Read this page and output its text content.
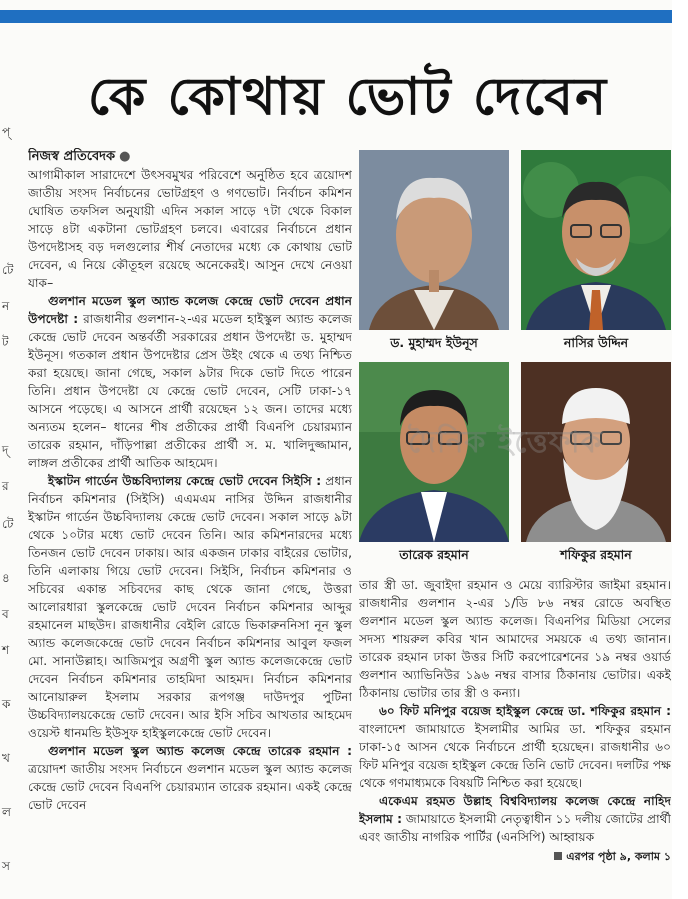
প্
টে
ন
ট
দ্
র
টে
৪
ব
শ
ক
খ
ল
স
কে কোথায় ভোট দেবেন
নিজস্ব প্রতিবেদক ●

আগামীকাল সারাদেশে উৎসবমুখর পরিবেশে অনুষ্ঠিত হবে ত্রয়োদশ জাতীয় সংসদ নির্বাচনের ভোটগ্রহণ ও গণভোট। নির্বাচন কমিশন ঘোষিত তফসিল অনুযায়ী এদিন সকাল সাড়ে ৭টা থেকে বিকাল সাড়ে ৪টা একটানা ভোটগ্রহণ চলবে। এবারের নির্বাচনে প্রধান উপদেষ্টাসহ বড় দলগুলোর শীর্ষ নেতাদের মধ্যে কে কোথায় ভোট দেবেন, এ নিয়ে কৌতূহল রয়েছে অনেকেরই। আসুন দেখে নেওয়া যাক–

গুলশান মডেল স্কুল অ্যান্ড কলেজ কেন্দ্রে ভোট দেবেন প্রধান উপদেষ্টা : রাজধানীর গুলশান-২-এর মডেল হাইস্কুল অ্যান্ড কলেজ কেন্দ্রে ভোট দেবেন অন্তর্বর্তী সরকারের প্রধান উপদেষ্টা ড. মুহাম্মদ ইউনূস। গতকাল প্রধান উপদেষ্টার প্রেস উইং থেকে এ তথ্য নিশ্চিত করা হয়েছে। জানা গেছে, সকাল ৯টার দিকে ভোট দিতে পারেন তিনি। প্রধান উপদেষ্টা যে কেন্দ্রে ভোট দেবেন, সেটি ঢাকা-১৭ আসনে পড়েছে। এ আসনে প্রার্থী রয়েছেন ১২ জন। তাদের মধ্যে অন্যতম হলেন– ধানের শীষ প্রতীকের প্রার্থী বিএনপি চেয়ারম্যান তারেক রহমান, দাঁড়িপাল্লা প্রতীকের প্রার্থী স. ম. খালিদুজ্জামান, লাঙ্গল প্রতীকের প্রার্থী আতিক আহমেদ।

ইস্কাটন গার্ডেন উচ্চবিদ্যালয় কেন্দ্রে ভোট দেবেন সিইসি : প্রধান নির্বাচন কমিশনার (সিইসি) এএমএম নাসির উদ্দিন রাজধানীর ইস্কাটন গার্ডেন উচ্চবিদ্যালয় কেন্দ্রে ভোট দেবেন। সকাল সাড়ে ৯টা থেকে ১০টার মধ্যে ভোট দেবেন তিনি। আর কমিশনারদের মধ্যে তিনজন ভোট দেবেন ঢাকায়। আর একজন ঢাকার বাইরের ভোটার, তিনি এলাকায় গিয়ে ভোট দেবেন। সিইসি, নির্বাচন কমিশনার ও সচিবের একান্ত সচিবদের কাছ থেকে জানা গেছে, উত্তরা আলোরধারা স্কুলকেন্দ্রে ভোট দেবেন নির্বাচন কমিশনার আব্দুর রহমানেল মাছউদ। রাজধানীর বেইলি রোডে ভিকারুননিসা নূন স্কুল অ্যান্ড কলেজকেন্দ্রে ভোট দেবেন নির্বাচন কমিশনার আবুল ফজল মো. সানাউল্লাহ। আজিমপুর অগ্রণী স্কুল অ্যান্ড কলেজকেন্দ্রে ভোট দেবেন নির্বাচন কমিশনার তাহমিদা আহমদ। নির্বাচন কমিশনার আনোয়ারুল ইসলাম সরকার রূপগঞ্জ দাউদপুর পুটিনা উচ্চবিদ্যালয়কেন্দ্রে ভোট দেবেন। আর ইসি সচিব আখতার আহমেদ ওয়েস্ট ধানমন্ডি ইউসুফ হাইস্কুলকেন্দ্রে ভোট দেবেন।

গুলশান মডেল স্কুল অ্যান্ড কলেজ কেন্দ্রে তারেক রহমান : ত্রয়োদশ জাতীয় সংসদ নির্বাচনে গুলশান মডেল স্কুল অ্যান্ড কলেজ কেন্দ্রে ভোট দেবেন বিএনপি চেয়ারম্যান তারেক রহমান। একই কেন্দ্রে ভোট দেবেন

ড. মুহাম্মদ ইউনূস	নাসির উদ্দিন
তারেক রহমান	শফিকুর রহমান
দৈনিক ইত্তেফাক

তার স্ত্রী ডা. জুবাইদা রহমান ও মেয়ে ব্যারিস্টার জাইমা রহমান। রাজধানীর গুলশান ২-এর ১/ডি ৮৬ নম্বর রোডে অবস্থিত গুলশান মডেল স্কুল অ্যান্ড কলেজ। বিএনপির মিডিয়া সেলের সদস্য শায়রুল কবির খান আমাদের সময়কে এ তথ্য জানান। তারেক রহমান ঢাকা উত্তর সিটি করপোরেশনের ১৯ নম্বর ওয়ার্ড গুলশান অ্যাভিনিউর ১৯৬ নম্বর বাসার ঠিকানায় ভোটার। একই ঠিকানায় ভোটার তার স্ত্রী ও কন্যা।

৬০ ফিট মনিপুর বয়েজ হাইস্কুল কেন্দ্রে ডা. শফিকুর রহমান : বাংলাদেশ জামায়াতে ইসলামীর আমির ডা. শফিকুর রহমান ঢাকা-১৫ আসন থেকে নির্বাচনে প্রার্থী হয়েছেন। রাজধানীর ৬০ ফিট মনিপুর বয়েজ হাইস্কুল কেন্দ্রে তিনি ভোট দেবেন। দলটির পক্ষ থেকে গণমাধ্যমকে বিষয়টি নিশ্চিত করা হয়েছে।

একেএম রহমত উল্লাহ বিশ্ববিদ্যালয় কলেজ কেন্দ্রে নাহিদ ইসলাম : জামায়াতে ইসলামী নেতৃত্বাধীন ১১ দলীয় জোটের প্রার্থী এবং জাতীয় নাগরিক পার্টির (এনসিপি) আহ্বায়ক
এরপর পৃষ্ঠা ৯, কলাম ১
